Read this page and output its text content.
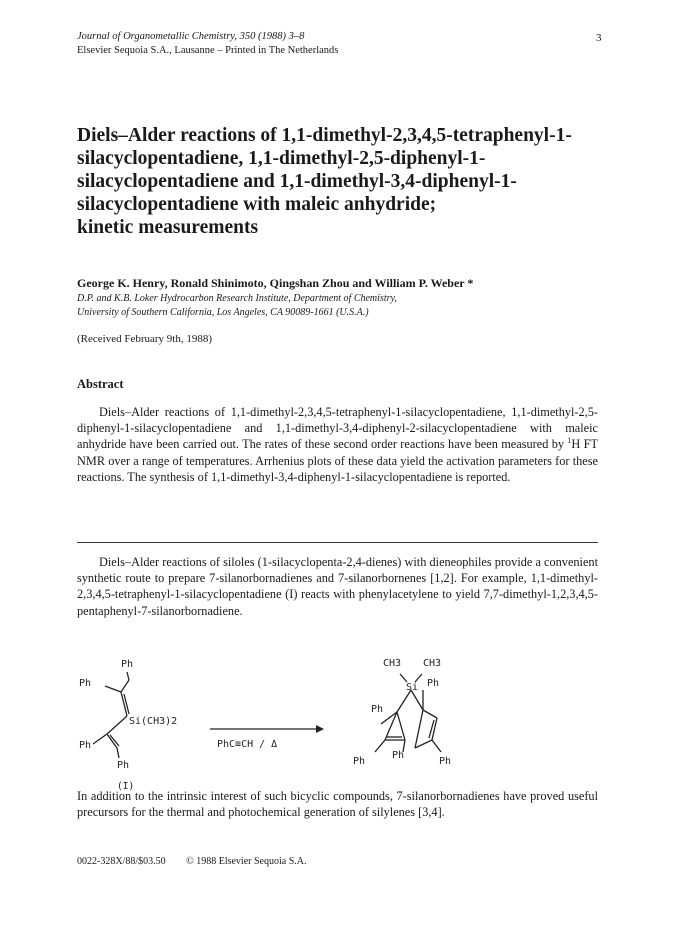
Journal of Organometallic Chemistry, 350 (1988) 3–8
Elsevier Sequoia S.A., Lausanne – Printed in The Netherlands
3
Diels–Alder reactions of 1,1-dimethyl-2,3,4,5-tetraphenyl-1-
silacyclopentadiene, 1,1-dimethyl-2,5-diphenyl-1-
silacyclopentadiene and 1,1-dimethyl-3,4-diphenyl-1-
silacyclopentadiene with maleic anhydride;
kinetic measurements
George K. Henry, Ronald Shinimoto, Qingshan Zhou and William P. Weber *
D.P. and K.B. Loker Hydrocarbon Research Institute, Department of Chemistry,
University of Southern California, Los Angeles, CA 90089-1661 (U.S.A.)
(Received February 9th, 1988)
Abstract

Diels–Alder reactions of 1,1-dimethyl-2,3,4,5-tetraphenyl-1-silacyclopentadiene, 1,1-dimethyl-2,5-diphenyl-1-silacyclopentadiene and 1,1-dimethyl-3,4-diphenyl-2-silacyclopentadiene with maleic anhydride have been carried out. The rates of these second order reactions have been measured by $^1$H FT NMR over a range of temperatures. Arrhenius plots of these data yield the activation parameters for these reactions. The synthesis of 1,1-dimethyl-3,4-diphenyl-1-silacyclopentadiene is reported.

Diels–Alder reactions of siloles (1-silacyclopenta-2,4-dienes) with dieneophiles provide a convenient synthetic route to prepare 7-silanorbornadienes and 7-silanorbornenes [1,2]. For example, 1,1-dimethyl-2,3,4,5-tetraphenyl-1-silacyclopentadiene (I) reacts with phenylacetylene to yield 7,7-dimethyl-1,2,3,4,5-pentaphenyl-7-silanorbornadiene.

Ph
Ph
Si(CH3)2
Ph
Ph
(I)
PhC≡CH / Δ
CH3 CH3
Si Ph
Ph
Ph
Ph
Ph

In addition to the intrinsic interest of such bicyclic compounds, 7-silanorbornadienes have proved useful precursors for the thermal and photochemical generation of silylenes [3,4].

0022-328X/88/$03.50 © 1988 Elsevier Sequoia S.A.
